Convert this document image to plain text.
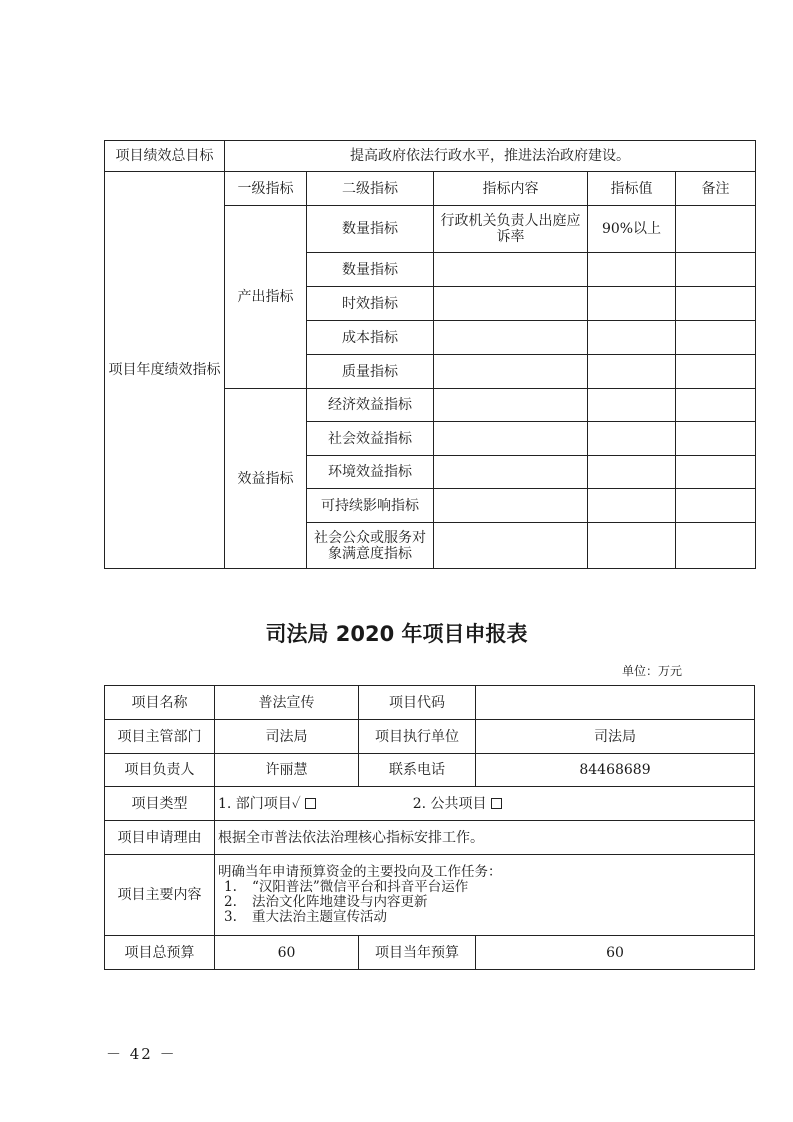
项目绩效总目标	提高政府依法行政水平，推进法治政府建设。				
项目年度绩效指标	一级指标	二级指标	指标内容	指标值	备注
	产出指标	数量指标	行政机关负责人出庭应诉率	90%以上	
		数量指标			
		时效指标			
		成本指标			
		质量指标			
	效益指标	经济效益指标			
		社会效益指标			
		环境效益指标			
		可持续影响指标			
		社会公众或服务对象满意度指标			
司法局 2020 年项目申报表
单位：万元
项目名称	普法宣传	项目代码	
项目主管部门	司法局	项目执行单位	司法局
项目负责人	许丽慧	联系电话	84468689
项目类型	1. 部门项目✓ 2. 公共项目		
项目申请理由	根据全市普法依法治理核心指标安排工作。		
项目主要内容	明确当年申请预算资金的主要投向及工作任务：
1. “汉阳普法”微信平台和抖音平台运作
2. 法治文化阵地建设与内容更新
3. 重大法治主题宣传活动		

项目总预算	60	项目当年预算	60
－ 42 －
